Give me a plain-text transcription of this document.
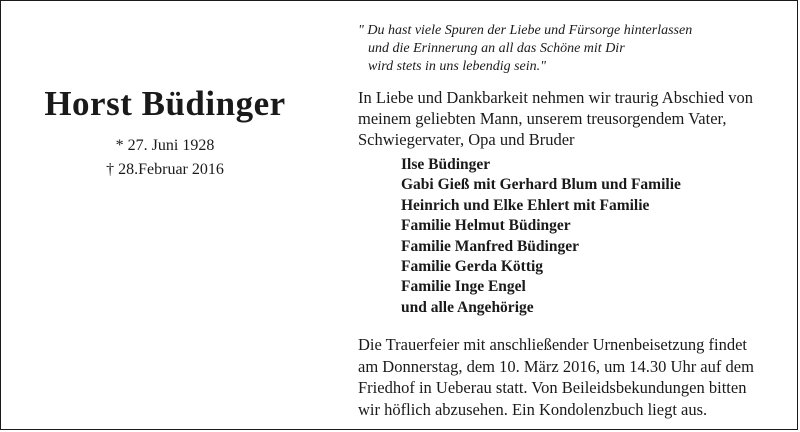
Horst Büdinger
* 27. Juni 1928
† 28.Februar 2016
" Du hast viele Spuren der Liebe und Fürsorge hinterlassen
und die Erinnerung an all das Schöne mit Dir
wird stets in uns lebendig sein."
In Liebe und Dankbarkeit nehmen wir traurig Abschied von
meinem geliebten Mann, unserem treusorgendem Vater,
Schwiegervater, Opa und Bruder
Ilse Büdinger
Gabi Gieß mit Gerhard Blum und Familie
Heinrich und Elke Ehlert mit Familie
Familie Helmut Büdinger
Familie Manfred Büdinger
Familie Gerda Köttig
Familie Inge Engel
und alle Angehörige
Die Trauerfeier mit anschließender Urnenbeisetzung findet
am Donnerstag, dem 10. März 2016, um 14.30 Uhr auf dem
Friedhof in Ueberau statt. Von Beileidsbekundungen bitten
wir höflich abzusehen. Ein Kondolenzbuch liegt aus.
